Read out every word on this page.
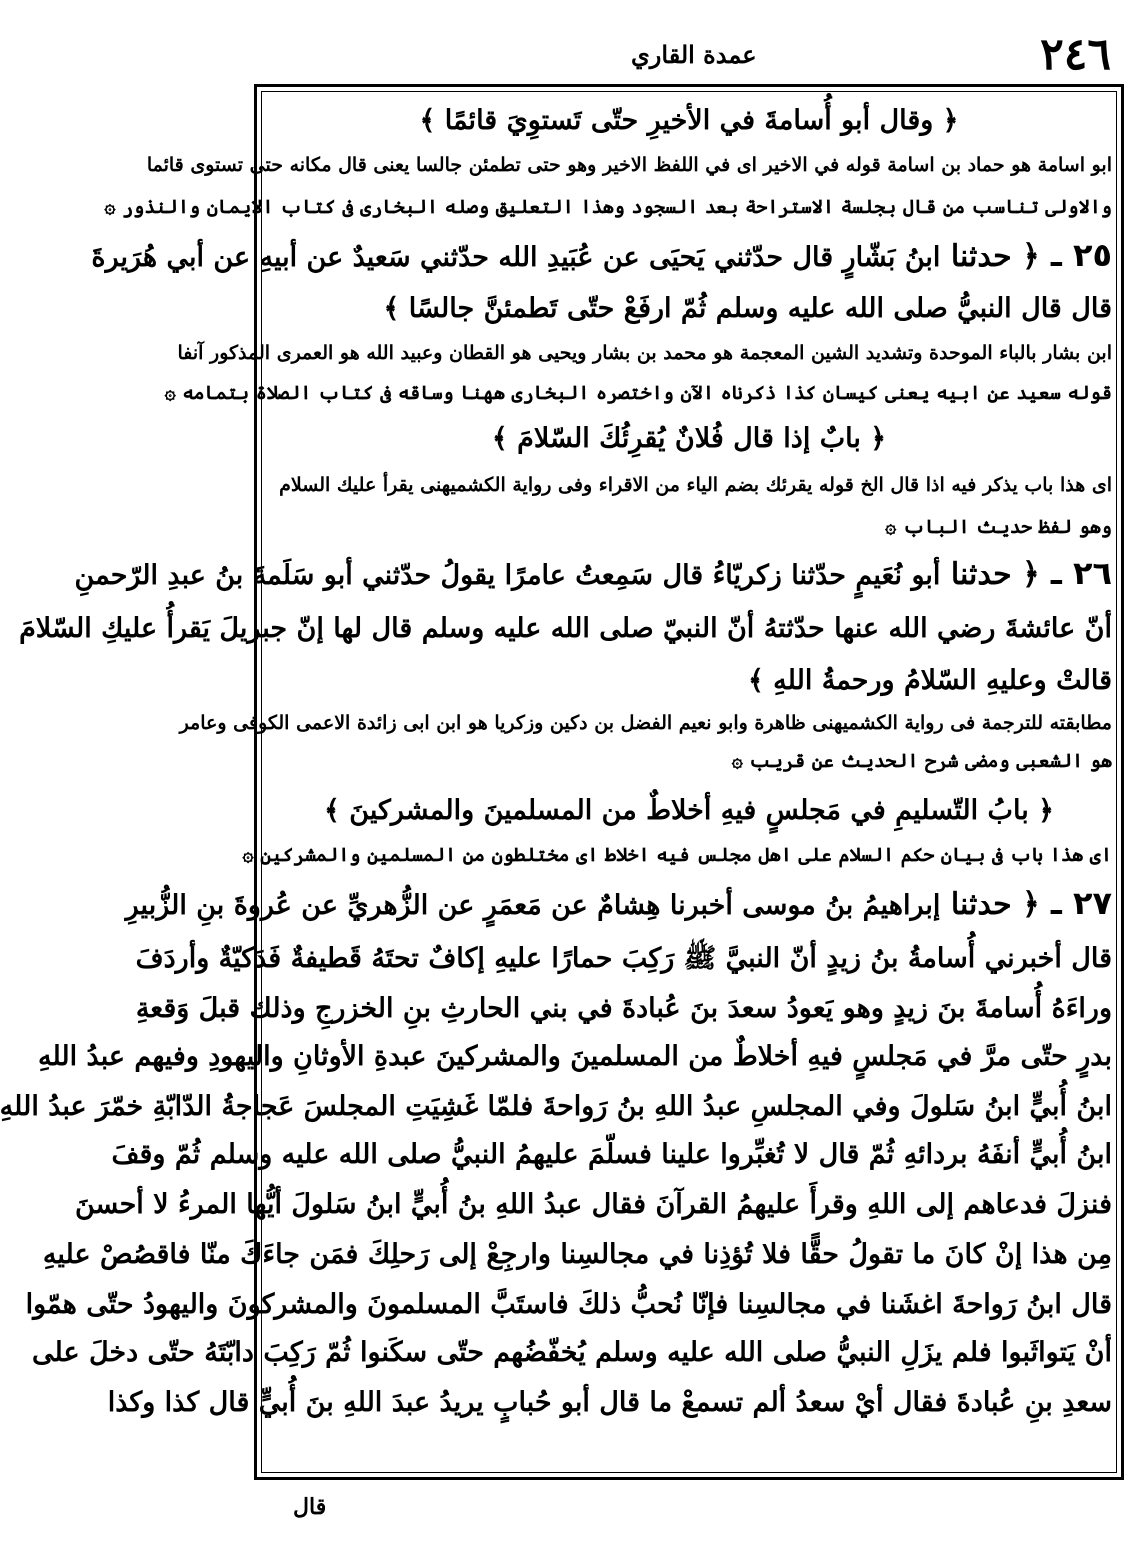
٢٤٦
عمدة القاري
﴿ وقال أبو أُسامةَ في الأخيرِ حتّى تَستوِيَ قائمًا ﴾
ابو اسامة هو حماد بن اسامة قوله في الاخير اى في اللفظ الاخير وهو حتى تطمئن جالسا يعنى قال مكانه حتى تستوى قائما
والاولى تناسب من قال بجلسة الاستراحة بعد السجود وهذا التعليق وصله البخارى فى كتاب الايمان والنذور ۞
٢٥ ـ ﴿ حدثنا ابنُ بَشّارٍ قال حدّثني يَحيَى عن عُبَيدِ الله حدّثني سَعيدٌ عن أبيهِ عن أبي هُرَيرةَ
قال قال النبيُّ صلى الله عليه وسلم ثُمّ ارفَعْ حتّى تَطمئنَّ جالسًا ﴾
ابن بشار بالباء الموحدة وتشديد الشين المعجمة هو محمد بن بشار ويحيى هو القطان وعبيد الله هو العمرى المذكور آنفا
قوله سعيد عن ابيه يعنى كيسان كذا ذكرناه الآن واختصره البخارى ههنا وساقه فى كتاب الصلاة بتمامه ۞
﴿ بابٌ إذا قال فُلانٌ يُقرِئُكَ السّلامَ ﴾
اى هذا باب يذكر فيه اذا قال الخ قوله يقرئك بضم الياء من الاقراء وفى رواية الكشميهنى يقرأ عليك السلام
وهو لفظ حديث الباب ۞
٢٦ ـ ﴿ حدثنا أبو نُعَيمٍ حدّثنا زكريّاءُ قال سَمِعتُ عامرًا يقولُ حدّثني أبو سَلَمةَ بنُ عبدِ الرّحمنِ
أنّ عائشةَ رضي الله عنها حدّثتهُ أنّ النبيّ صلى الله عليه وسلم قال لها إنّ جبريلَ يَقرأُ عليكِ السّلامَ
قالتْ وعليهِ السّلامُ ورحمةُ اللهِ ﴾
مطابقته للترجمة فى رواية الكشميهنى ظاهرة وابو نعيم الفضل بن دكين وزكريا هو ابن ابى زائدة الاعمى الكوفى وعامر
هو الشعبى ومضى شرح الحديث عن قريب ۞
﴿ بابُ التّسليمِ في مَجلسٍ فيهِ أخلاطٌ من المسلمينَ والمشركينَ ﴾
اى هذا باب فى بيان حكم السلام على اهل مجلس فيه اخلاط اى مختلطون من المسلمين والمشركين ۞
٢٧ ـ ﴿ حدثنا إبراهيمُ بنُ موسى أخبرنا هِشامٌ عن مَعمَرٍ عن الزُّهريِّ عن عُروةَ بنِ الزُّبيرِ
قال أخبرني أُسامةُ بنُ زيدٍ أنّ النبيَّ ﷺ رَكِبَ حمارًا عليهِ إكافٌ تحتَهُ قَطيفةٌ فَدَكيّةٌ وأردَفَ
وراءَهُ أُسامةَ بنَ زيدٍ وهو يَعودُ سعدَ بنَ عُبادةَ في بني الحارثِ بنِ الخزرجِ وذلك قبلَ وَقعةِ
بدرٍ حتّى مرَّ في مَجلسٍ فيهِ أخلاطٌ من المسلمينَ والمشركينَ عبدةِ الأوثانِ واليهودِ وفيهم عبدُ اللهِ
ابنُ أُبيٍّ ابنُ سَلولَ وفي المجلسِ عبدُ اللهِ بنُ رَواحةَ فلمّا غَشِيَتِ المجلسَ عَجاجةُ الدّابّةِ خمّرَ عبدُ اللهِ
ابنُ أُبيٍّ أنفَهُ بردائهِ ثُمّ قال لا تُغبِّروا علينا فسلّمَ عليهمُ النبيُّ صلى الله عليه وسلم ثُمّ وقفَ
فنزلَ فدعاهم إلى اللهِ وقرأَ عليهمُ القرآنَ فقال عبدُ اللهِ بنُ أُبيٍّ ابنُ سَلولَ أيُّها المرءُ لا أحسنَ
مِن هذا إنْ كانَ ما تقولُ حقًّا فلا تُؤذِنا في مجالسِنا وارجِعْ إلى رَحلِكَ فمَن جاءَكَ منّا فاقصُصْ عليهِ
قال ابنُ رَواحةَ اغشَنا في مجالسِنا فإنّا نُحبُّ ذلكَ فاستَبَّ المسلمونَ والمشركونَ واليهودُ حتّى همّوا
أنْ يَتواثَبوا فلم يزَلِ النبيُّ صلى الله عليه وسلم يُخفّضُهم حتّى سكَنوا ثُمّ رَكِبَ دابّتَهُ حتّى دخلَ على
سعدِ بنِ عُبادةَ فقال أيْ سعدُ ألم تسمعْ ما قال أبو حُبابٍ يريدُ عبدَ اللهِ بنَ أُبيٍّ قال كذا وكذا
قال
